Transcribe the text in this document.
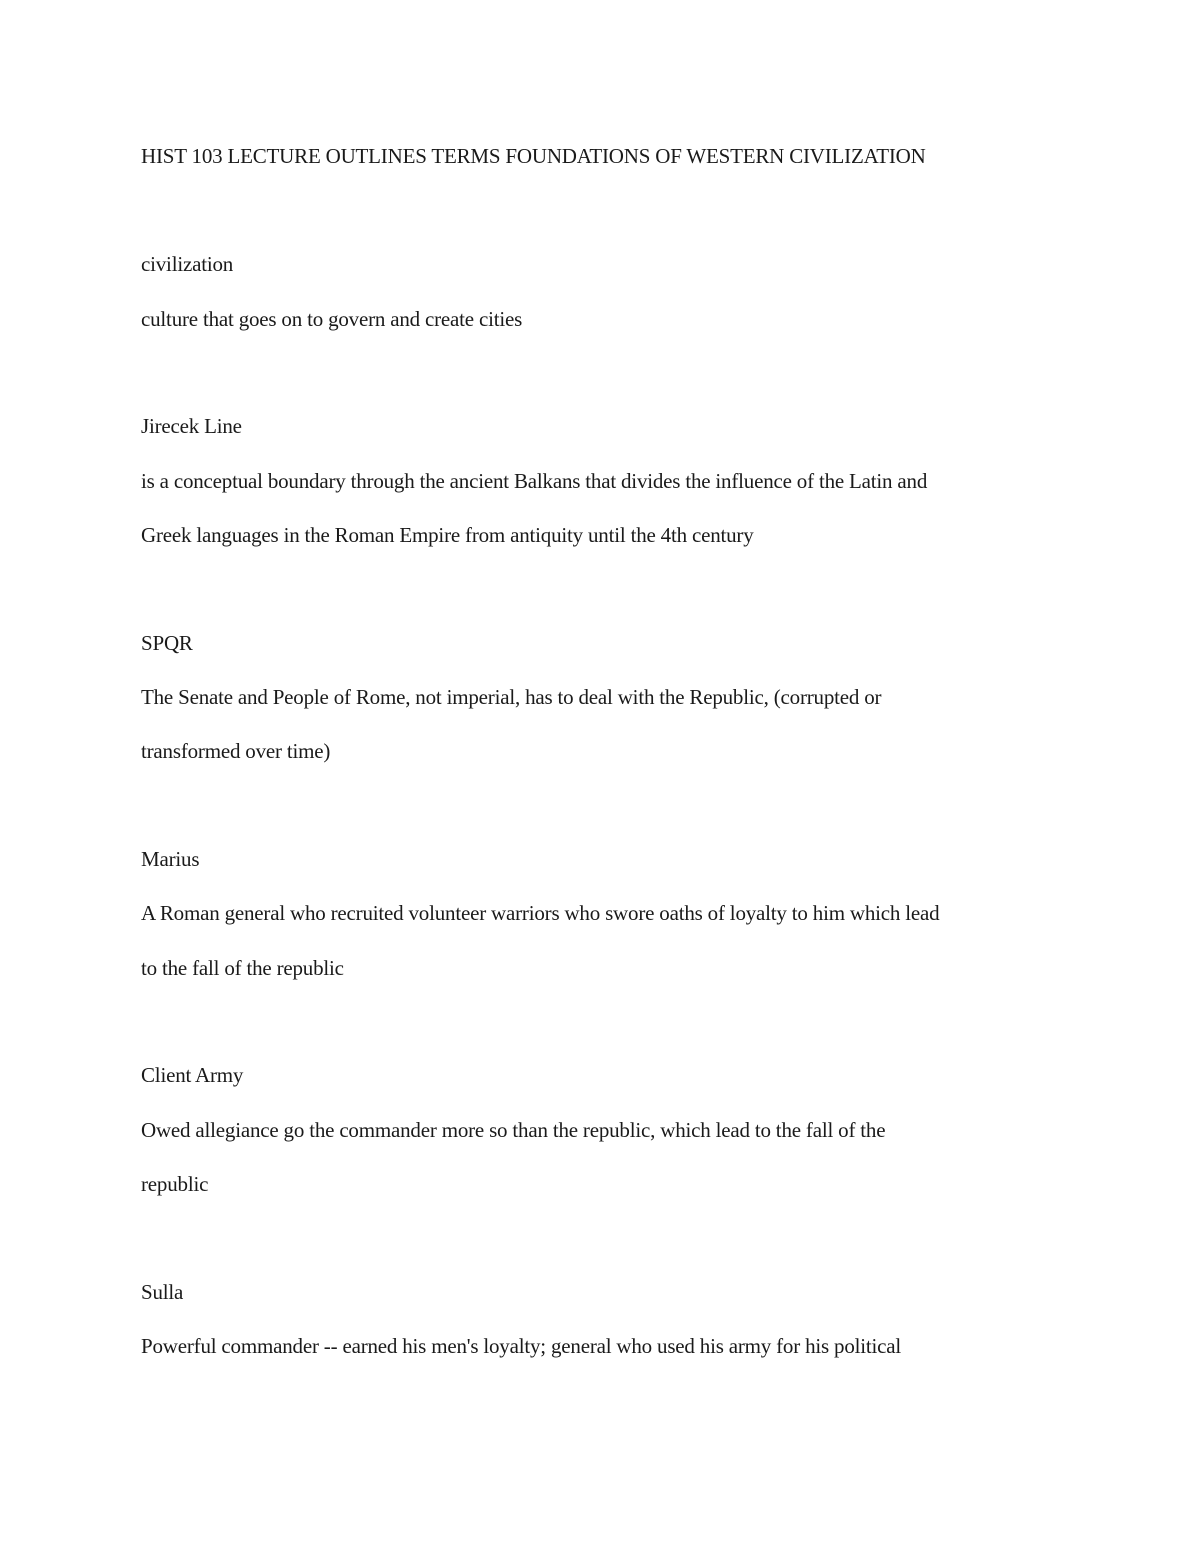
HIST 103 LECTURE OUTLINES TERMS FOUNDATIONS OF WESTERN CIVILIZATION
civilization
culture that goes on to govern and create cities
Jirecek Line
is a conceptual boundary through the ancient Balkans that divides the influence of the Latin and
Greek languages in the Roman Empire from antiquity until the 4th century
SPQR
The Senate and People of Rome, not imperial, has to deal with the Republic, (corrupted or
transformed over time)
Marius
A Roman general who recruited volunteer warriors who swore oaths of loyalty to him which lead
to the fall of the republic
Client Army
Owed allegiance go the commander more so than the republic, which lead to the fall of the
republic
Sulla
Powerful commander -- earned his men's loyalty; general who used his army for his political
